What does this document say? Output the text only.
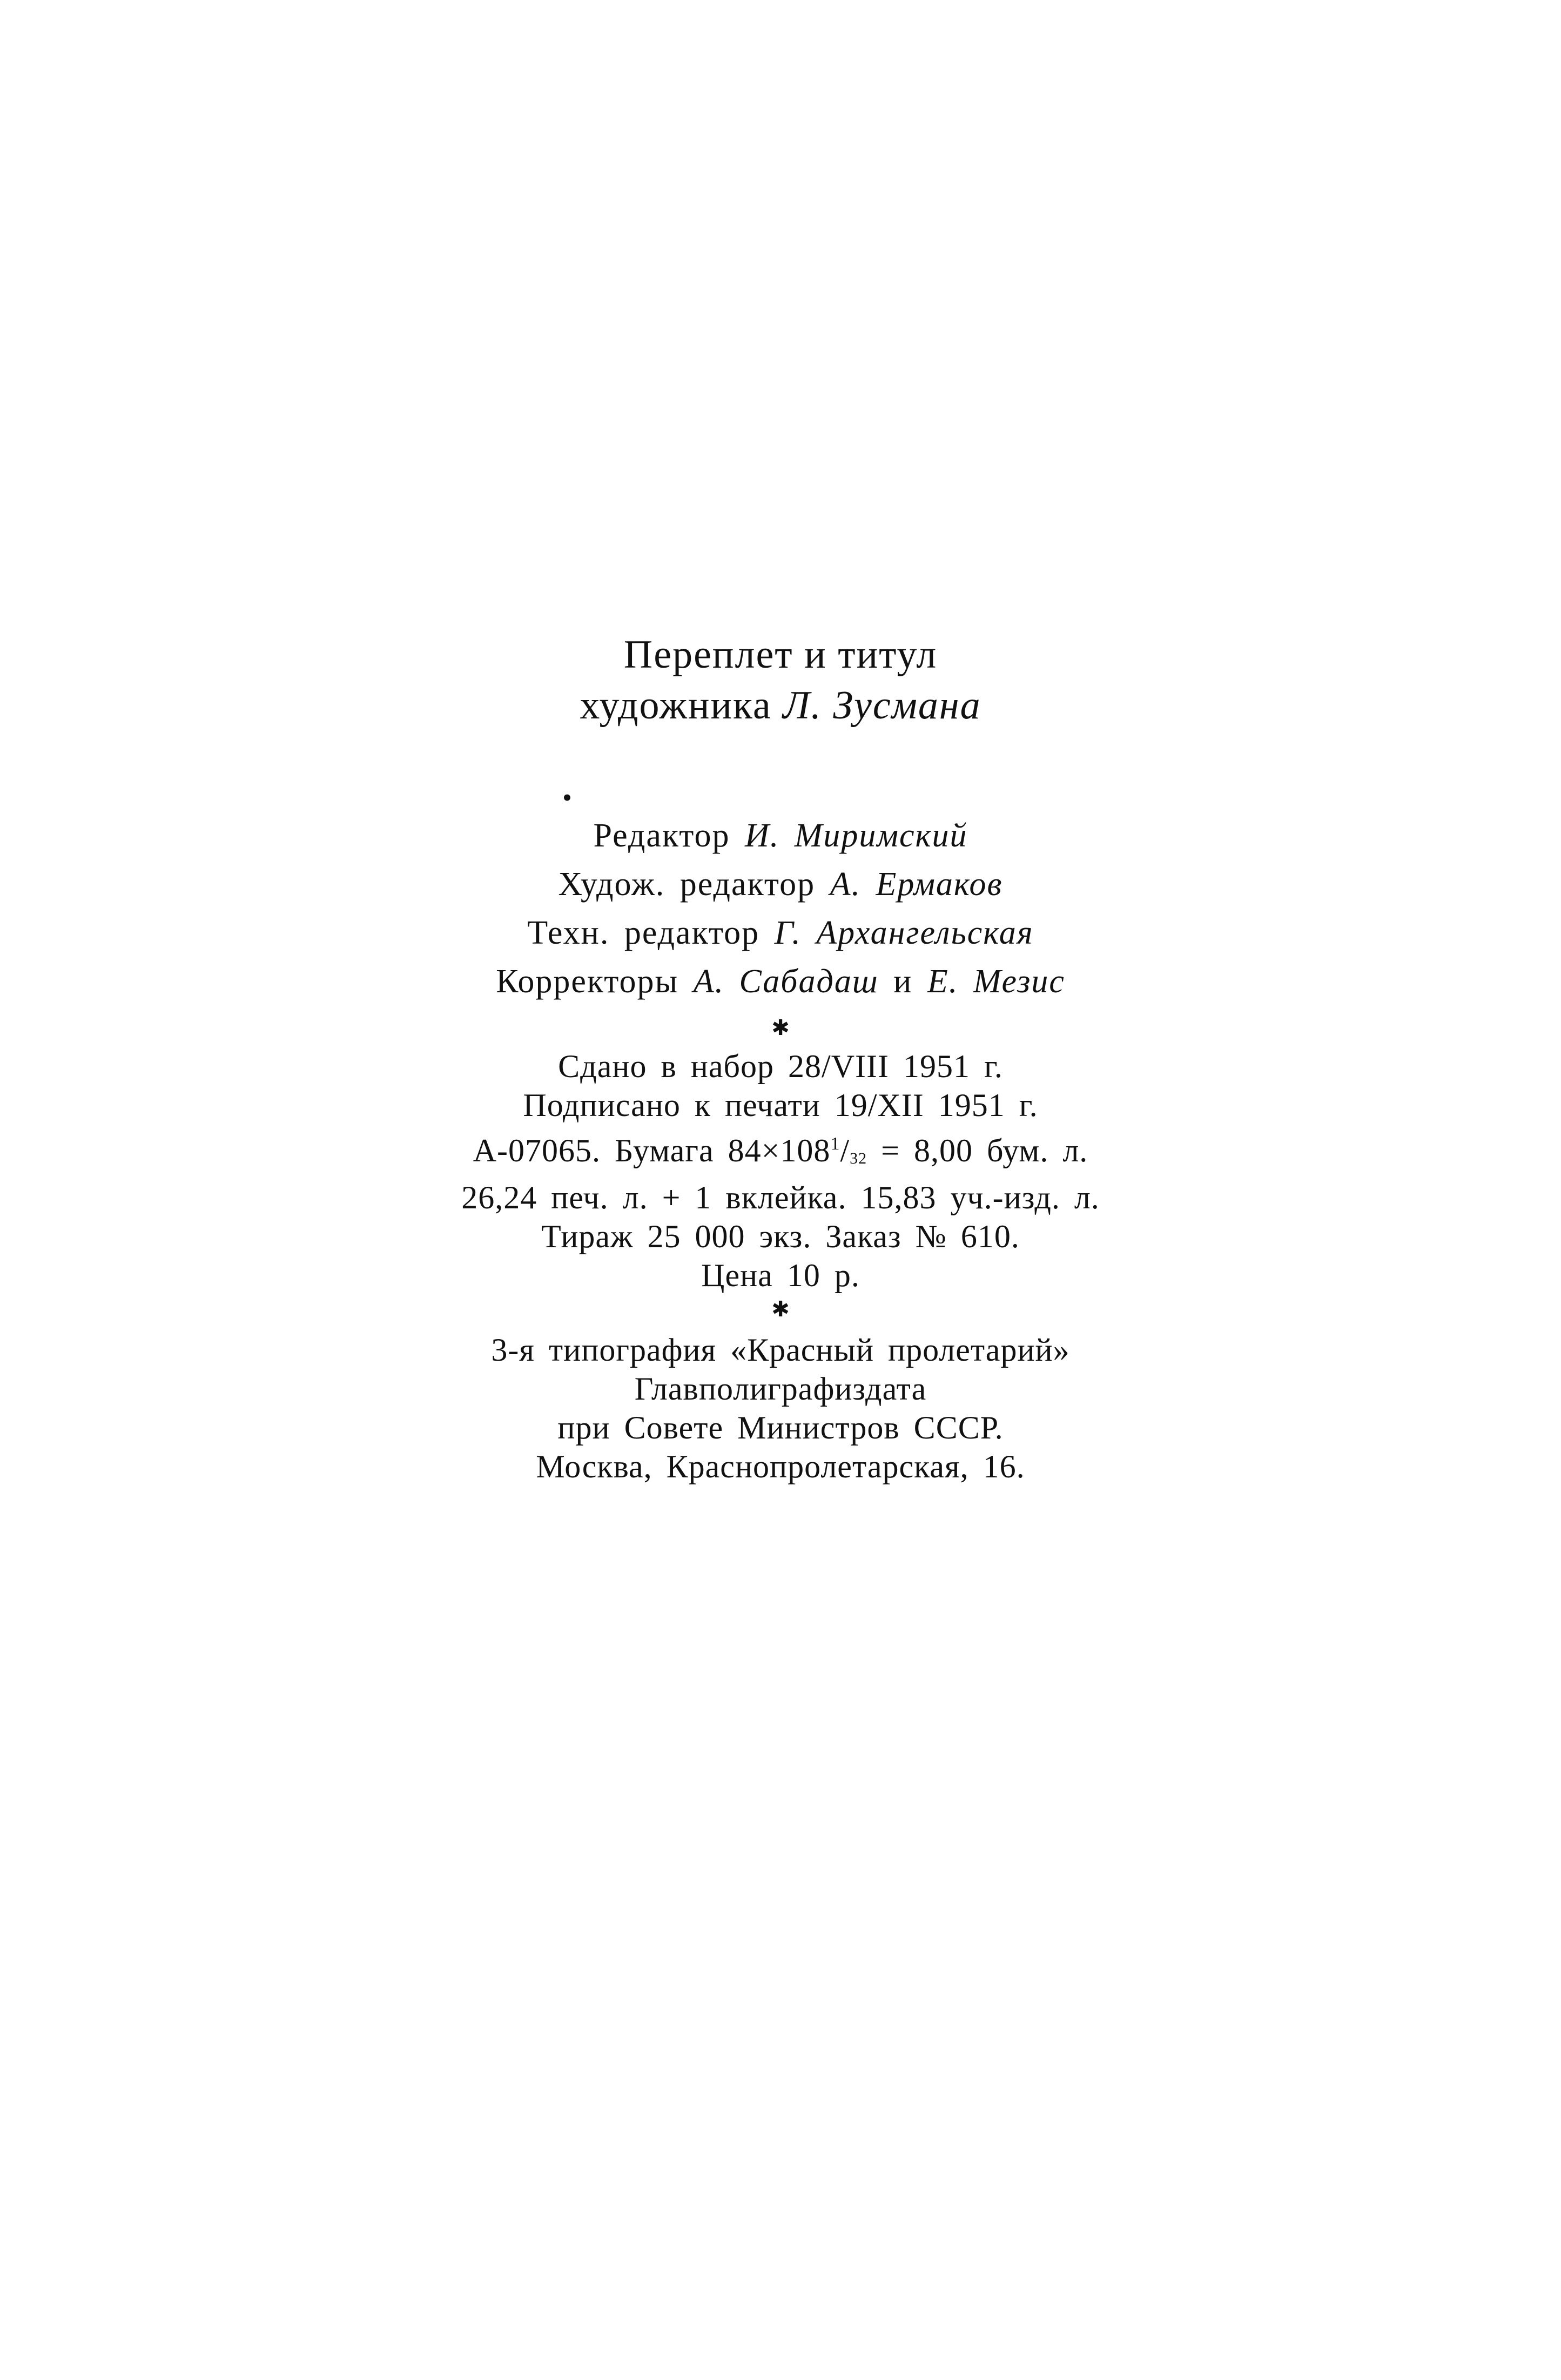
Переплет и титул
художника Л. Зусмана
•
Редактор И. Миримский
Худож. редактор А. Ермаков
Техн. редактор Г. Архангельская
Корректоры А. Сабадаш и Е. Мезис
✱
Сдано в набор 28/VIII 1951 г.
Подписано к печати 19/XII 1951 г.
А-07065. Бумага $84\times 108^1/32 = 8,00$ бум. л.
26,24 печ. л. + 1 вклейка. 15,83 уч.-изд. л.
Тираж 25 000 экз. Заказ № 610.
Цена 10 р.
✱
3-я типография «Красный пролетарий»
Главполиграфиздата
при Совете Министров СССР.
Москва, Краснопролетарская, 16.
